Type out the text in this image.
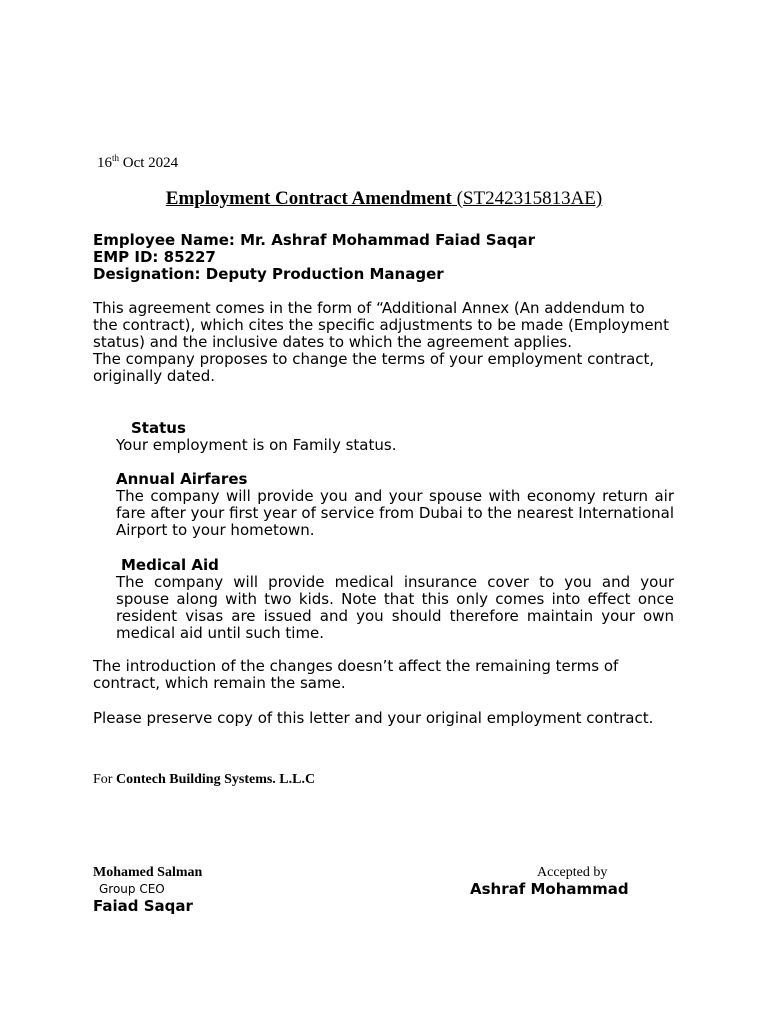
16th Oct 2024
Employment Contract Amendment (ST242315813AE)
Employee Name: Mr. Ashraf Mohammad Faiad Saqar
EMP ID: 85227
Designation: Deputy Production Manager
This agreement comes in the form of “Additional Annex (An addendum to the contract), which cites the specific adjustments to be made (Employment status) and the inclusive dates to which the agreement applies.
The company proposes to change the terms of your employment contract, originally dated.
Status
Your employment is on Family status.
Annual Airfares
The company will provide you and your spouse with economy return air fare after your first year of service from Dubai to the nearest International Airport to your hometown.
Medical Aid
The company will provide medical insurance cover to you and your spouse along with two kids. Note that this only comes into effect once resident visas are issued and you should therefore maintain your own medical aid until such time.
The introduction of the changes doesn’t affect the remaining terms of contract, which remain the same.
Please preserve copy of this letter and your original employment contract.
For Contech Building Systems. L.L.C
Mohamed Salman
Group CEO
Faiad Saqar
Accepted by
Ashraf Mohammad
